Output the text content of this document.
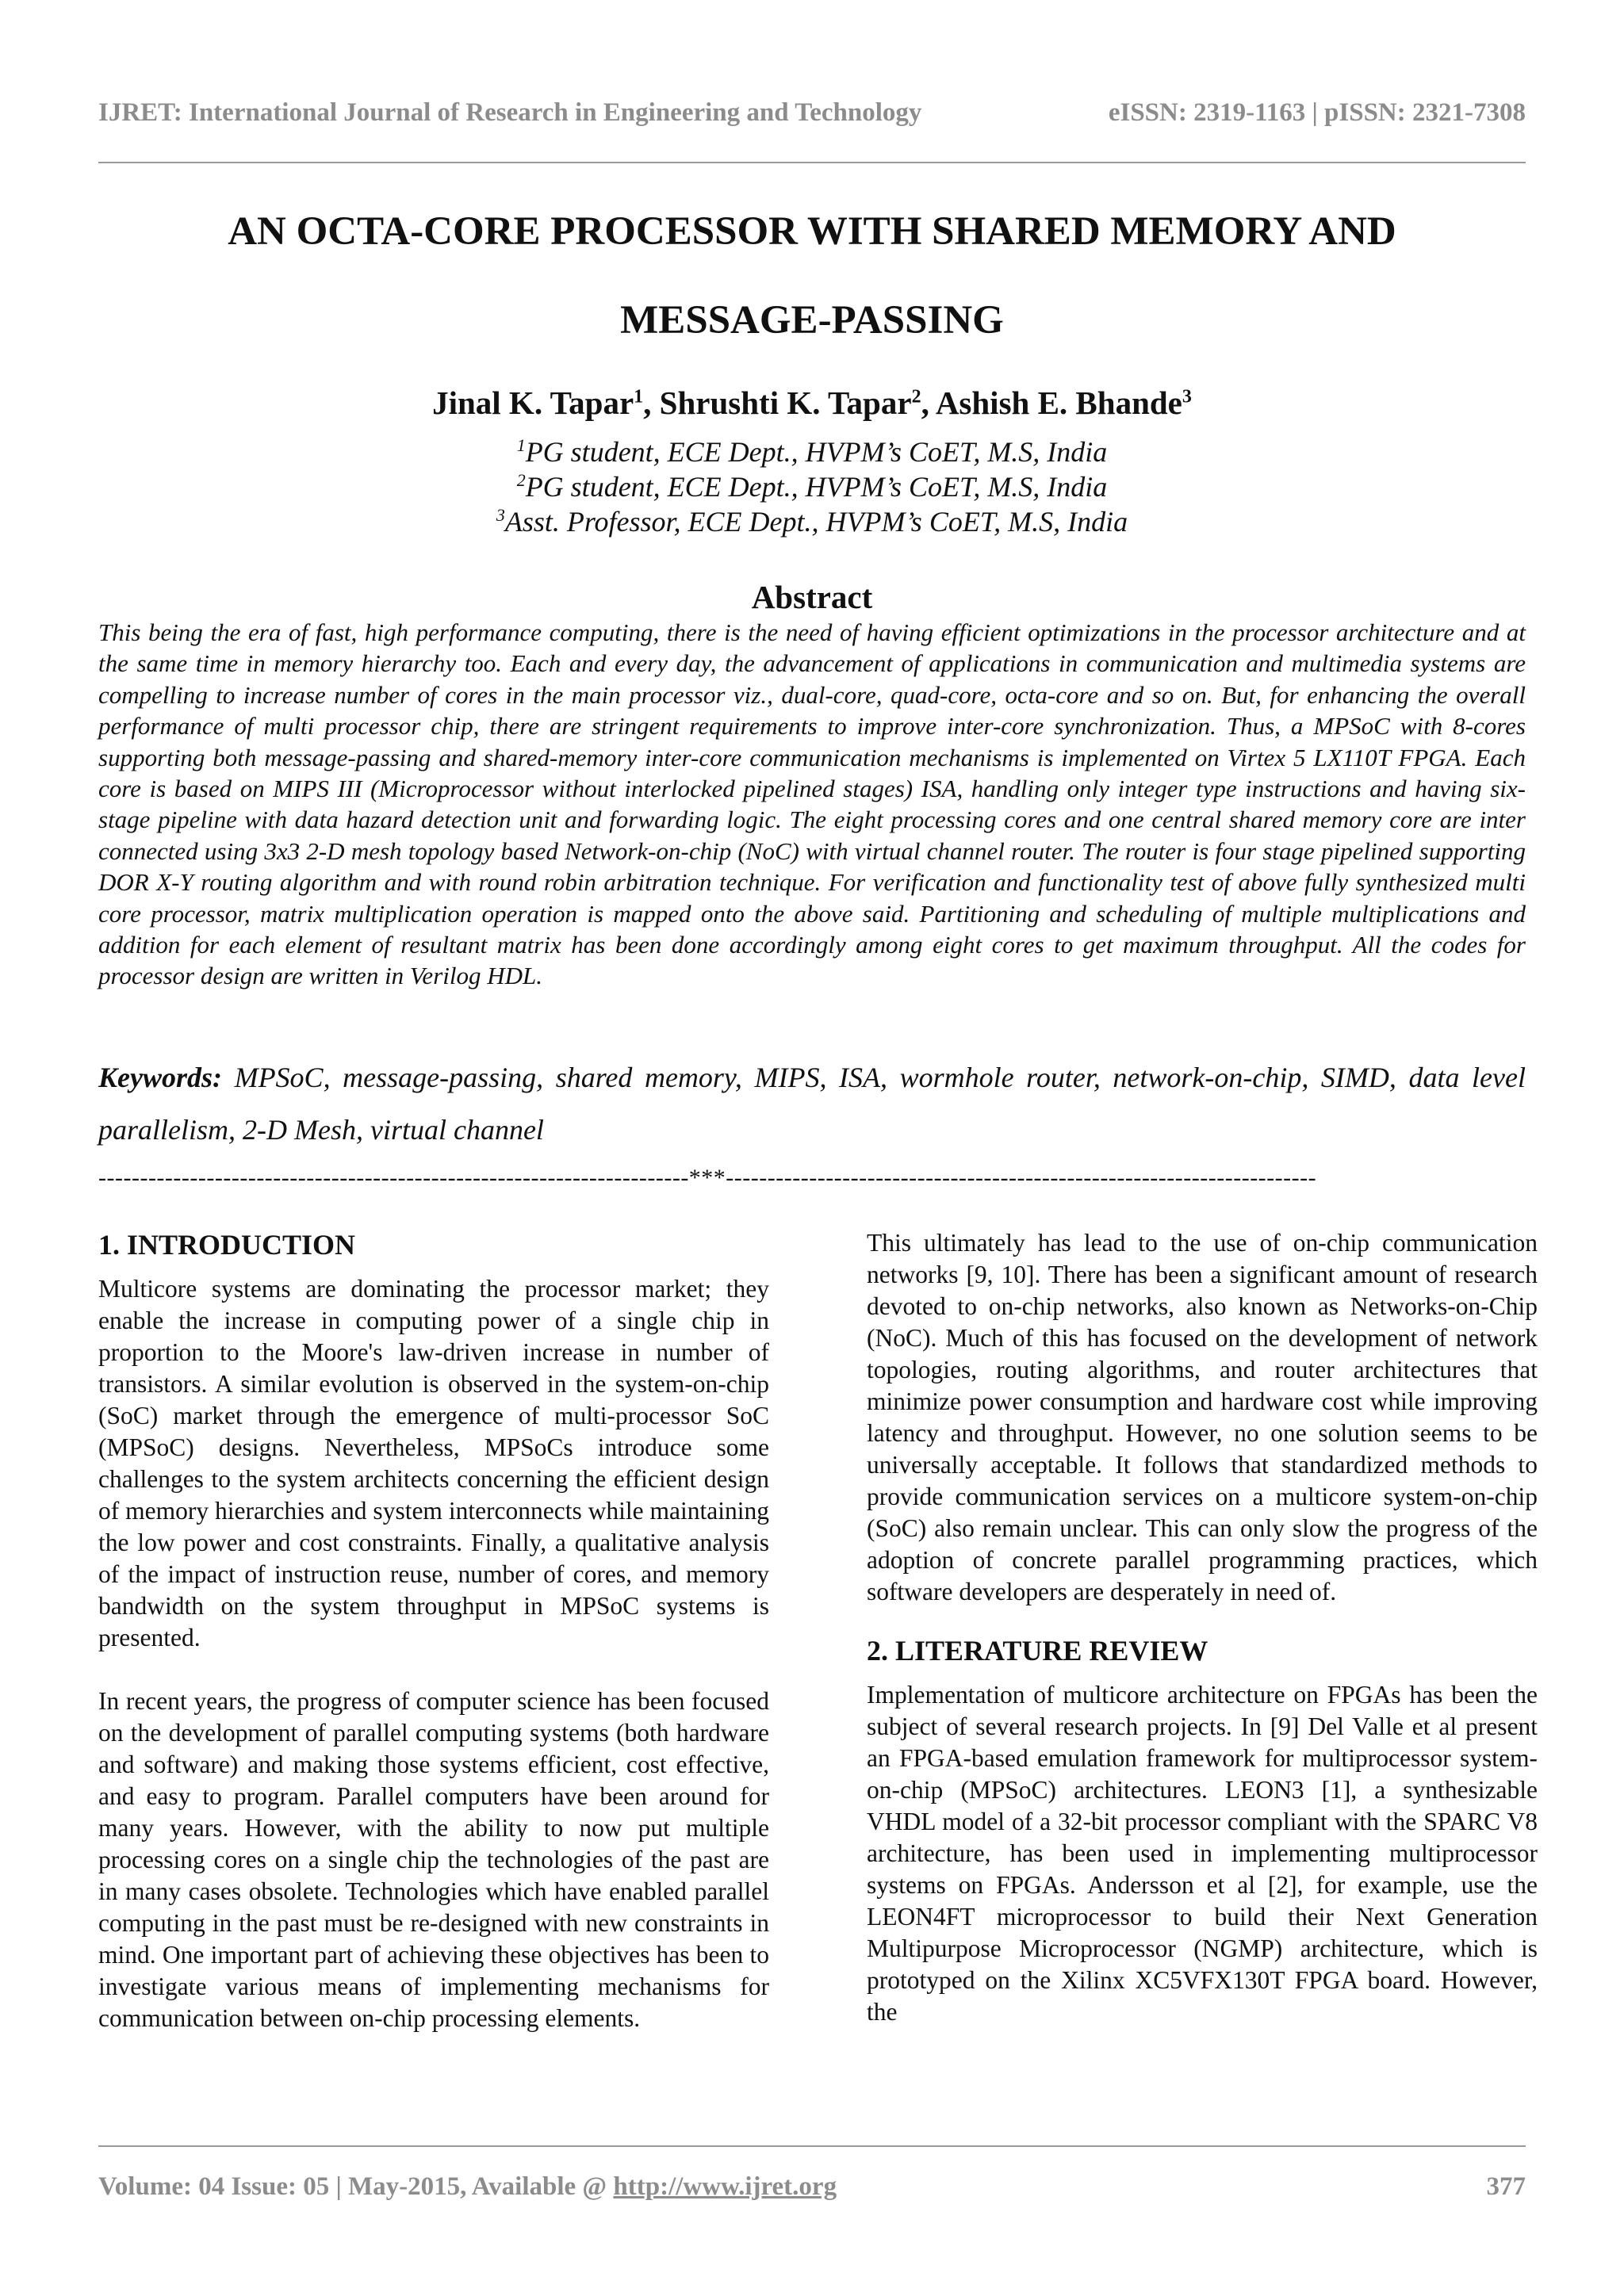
IJRET: International Journal of Research in Engineering and Technology	eISSN: 2319-1163 | pISSN: 2321-7308
AN OCTA-CORE PROCESSOR WITH SHARED MEMORY AND
MESSAGE-PASSING
Jinal K. Tapar$^1$, Shrushti K. Tapar$^2$, Ashish E. Bhande$^3$
$^1$PG student, ECE Dept., HVPM’s CoET, M.S, India
$^2$PG student, ECE Dept., HVPM’s CoET, M.S, India
$^3$Asst. Professor, ECE Dept., HVPM’s CoET, M.S, India
Abstract
This being the era of fast, high performance computing, there is the need of having efficient optimizations in the processor architecture and at the same time in memory hierarchy too. Each and every day, the advancement of applications in communication and multimedia systems are compelling to increase number of cores in the main processor viz., dual-core, quad-core, octa-core and so on. But, for enhancing the overall performance of multi processor chip, there are stringent requirements to improve inter-core synchronization. Thus, a MPSoC with 8-cores supporting both message-passing and shared-memory inter-core communication mechanisms is implemented on Virtex 5 LX110T FPGA. Each core is based on MIPS III (Microprocessor without interlocked pipelined stages) ISA, handling only integer type instructions and having six-stage pipeline with data hazard detection unit and forwarding logic. The eight processing cores and one central shared memory core are inter connected using 3x3 2-D mesh topology based Network-on-chip (NoC) with virtual channel router. The router is four stage pipelined supporting DOR X-Y routing algorithm and with round robin arbitration technique. For verification and functionality test of above fully synthesized multi core processor, matrix multiplication operation is mapped onto the above said. Partitioning and scheduling of multiple multiplications and addition for each element of resultant matrix has been done accordingly among eight cores to get maximum throughput. All the codes for processor design are written in Verilog HDL.
Keywords: MPSoC, message-passing, shared memory, MIPS, ISA, wormhole router, network-on-chip, SIMD, data level parallelism, 2-D Mesh, virtual channel
-----------------------------------------------------------------------***-----------------------------------------------------------------------
1. INTRODUCTION

Multicore systems are dominating the processor market; they enable the increase in computing power of a single chip in proportion to the Moore's law-driven increase in number of transistors. A similar evolution is observed in the system-on-chip (SoC) market through the emergence of multi-processor SoC (MPSoC) designs. Nevertheless, MPSoCs introduce some challenges to the system architects concerning the efficient design of memory hierarchies and system interconnects while maintaining the low power and cost constraints. Finally, a qualitative analysis of the impact of instruction reuse, number of cores, and memory bandwidth on the system throughput in MPSoC systems is presented.

In recent years, the progress of computer science has been focused on the development of parallel computing systems (both hardware and software) and making those systems efficient, cost effective, and easy to program. Parallel computers have been around for many years. However, with the ability to now put multiple processing cores on a single chip the technologies of the past are in many cases obsolete. Technologies which have enabled parallel computing in the past must be re-designed with new constraints in mind. One important part of achieving these objectives has been to investigate various means of implementing mechanisms for communication between on-chip processing elements.

This ultimately has lead to the use of on-chip communication networks [9, 10]. There has been a significant amount of research devoted to on-chip networks, also known as Networks-on-Chip (NoC). Much of this has focused on the development of network topologies, routing algorithms, and router architectures that minimize power consumption and hardware cost while improving latency and throughput. However, no one solution seems to be universally acceptable. It follows that standardized methods to provide communication services on a multicore system-on-chip (SoC) also remain unclear. This can only slow the progress of the adoption of concrete parallel programming practices, which software developers are desperately in need of.

2. LITERATURE REVIEW

Implementation of multicore architecture on FPGAs has been the subject of several research projects. In [9] Del Valle et al present an FPGA-based emulation framework for multiprocessor system-on-chip (MPSoC) architectures. LEON3 [1], a synthesizable VHDL model of a 32-bit processor compliant with the SPARC V8 architecture, has been used in implementing multiprocessor systems on FPGAs. Andersson et al [2], for example, use the LEON4FT microprocessor to build their Next Generation Multipurpose Microprocessor (NGMP) architecture, which is prototyped on the Xilinx XC5VFX130T FPGA board. However, the

Volume: 04 Issue: 05 | May-2015, Available @ http://www.ijret.org	377
